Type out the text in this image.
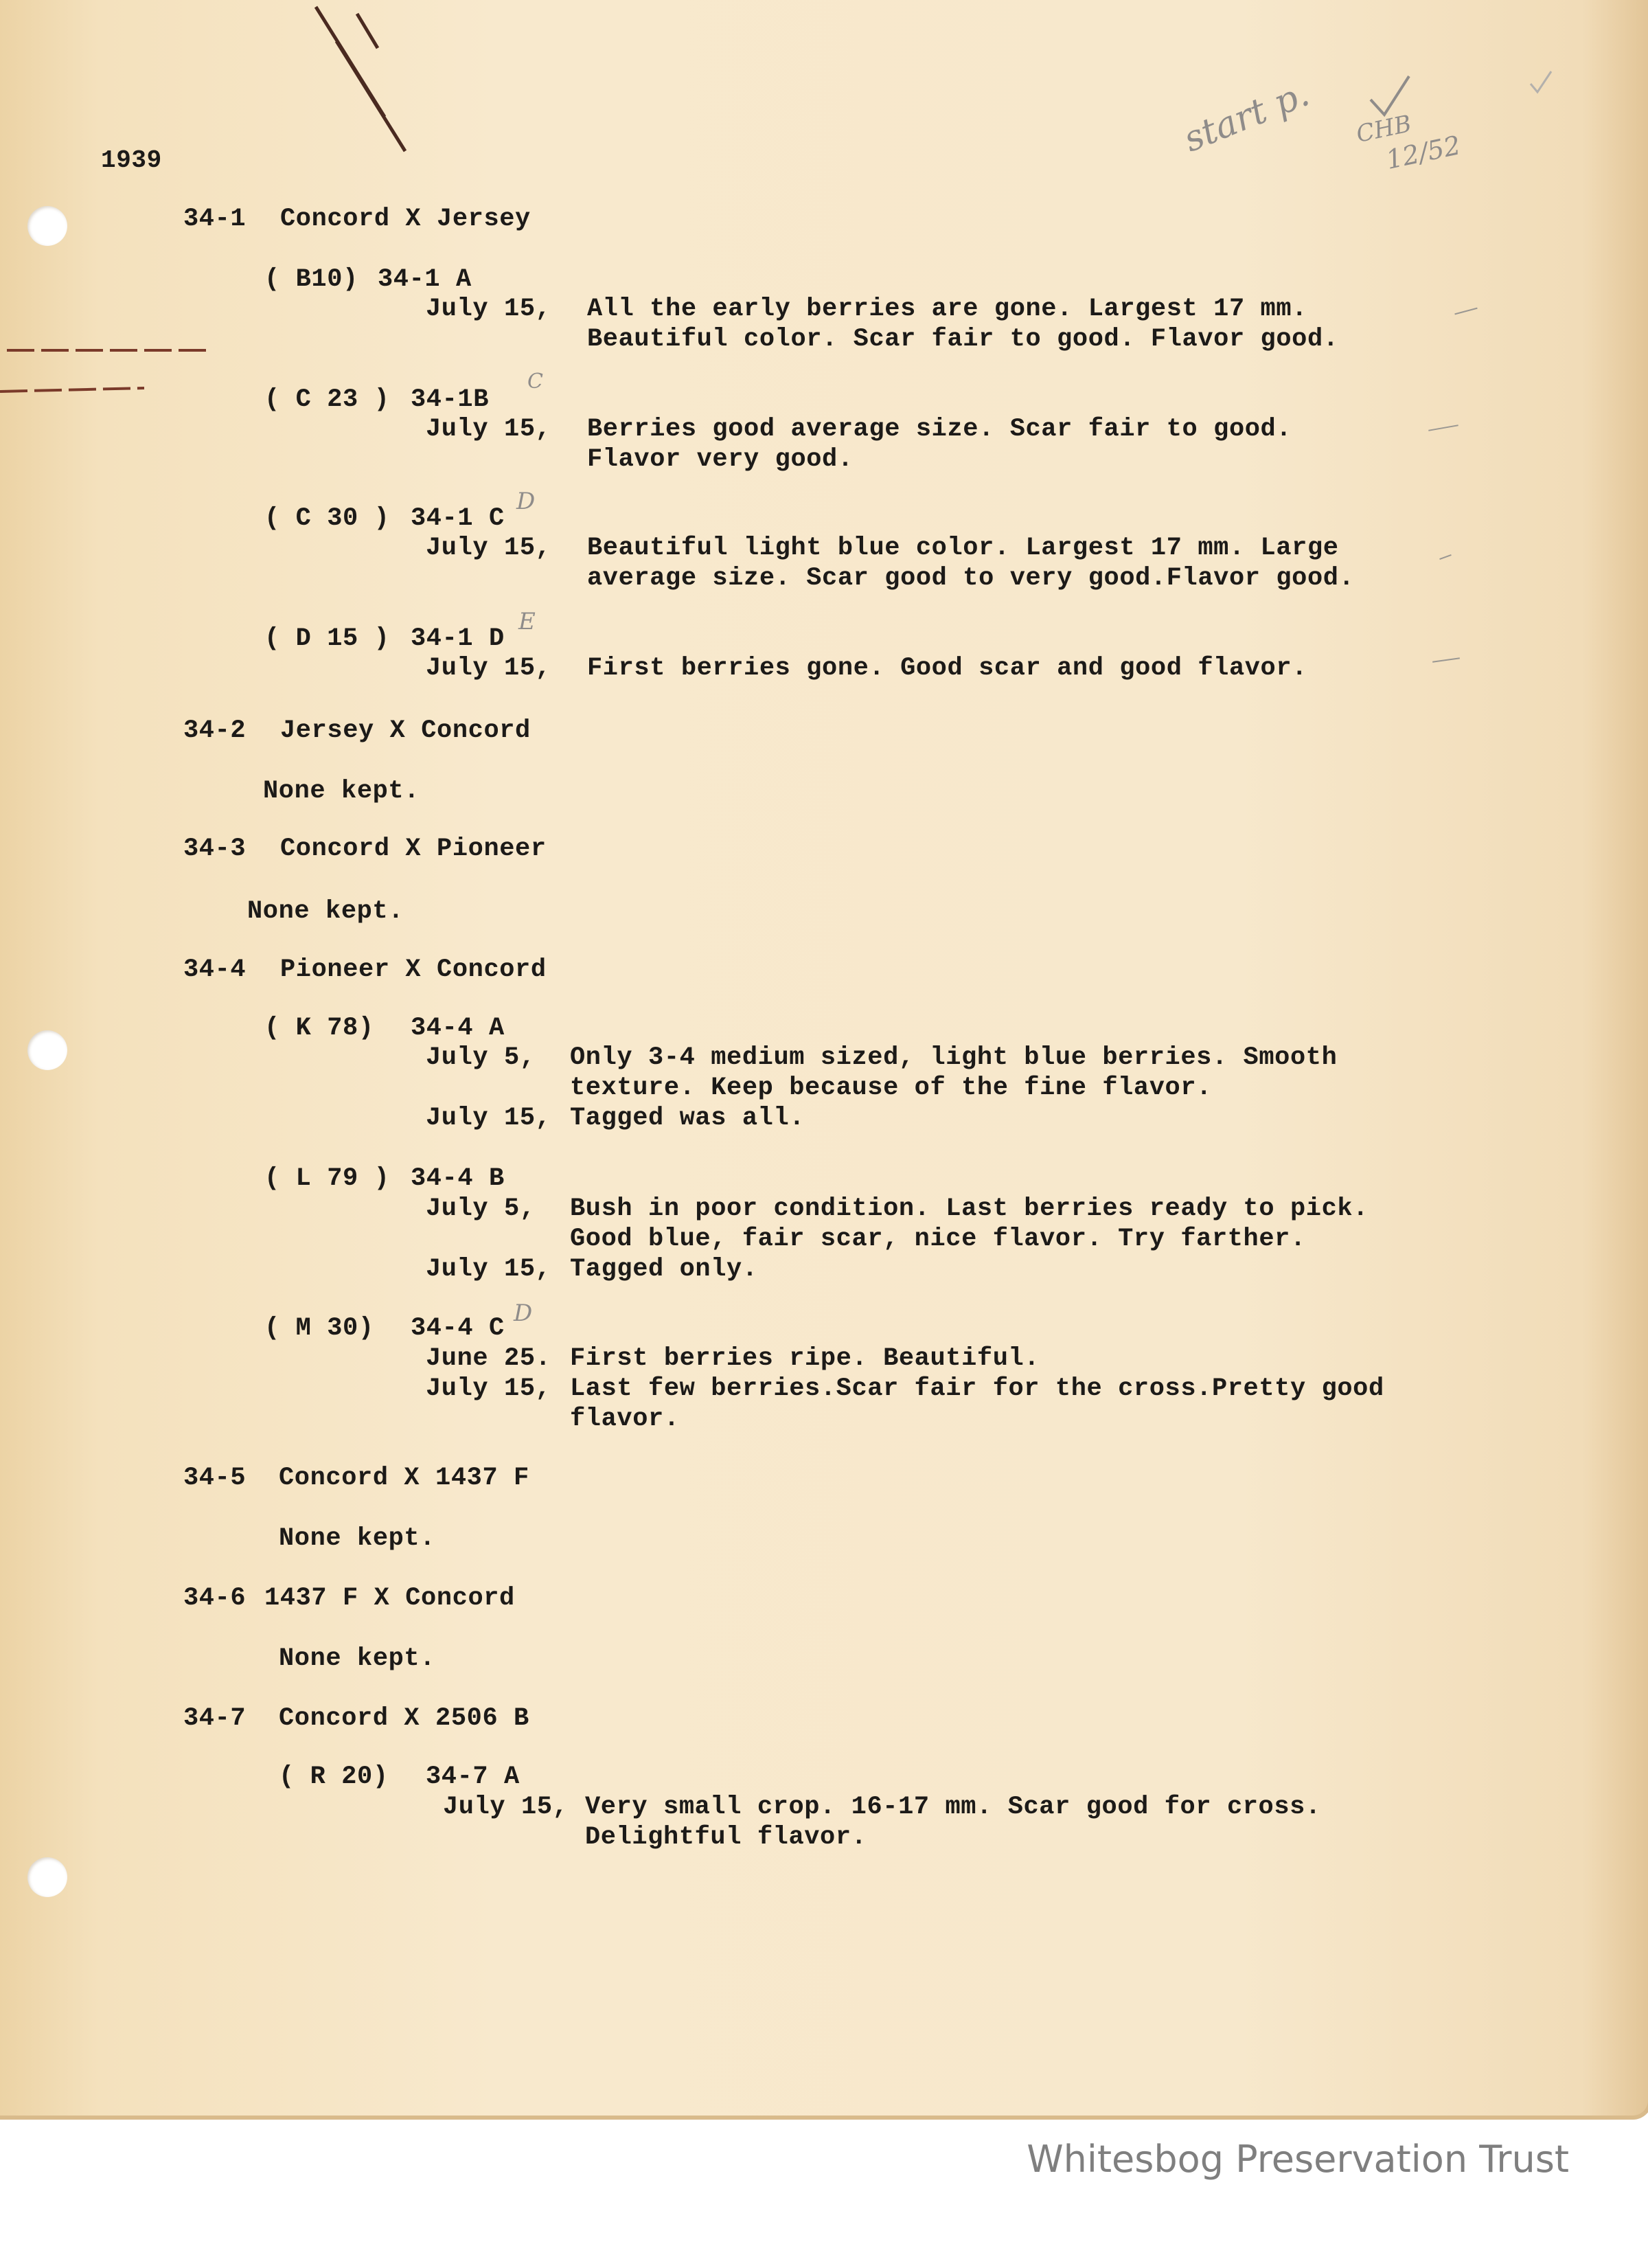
1939
34-1 Concord X Jersey
( B10) 34-1 A
July 15, All the early berries are gone. Largest 17 mm.
Beautiful color. Scar fair to good. Flavor good.
( C 23 ) 34-1B
C
July 15, Berries good average size. Scar fair to good.
Flavor very good.
( C 30 ) 34-1 C
D
July 15, Beautiful light blue color. Largest 17 mm. Large
average size. Scar good to very good.Flavor good.
( D 15 ) 34-1 D
E
July 15, First berries gone. Good scar and good flavor.
34-2 Jersey X Concord
None kept.
34-3 Concord X Pioneer
None kept.
34-4 Pioneer X Concord
( K 78) 34-4 A
July 5, Only 3-4 medium sized, light blue berries. Smooth
texture. Keep because of the fine flavor.
July 15, Tagged was all.
( L 79 ) 34-4 B
July 5, Bush in poor condition. Last berries ready to pick.
Good blue, fair scar, nice flavor. Try farther.
July 15, Tagged only.
( M 30) 34-4 C
D
June 25. First berries ripe. Beautiful.
July 15, Last few berries.Scar fair for the cross.Pretty good
flavor.
34-5 Concord X 1437 F
None kept.
34-6 1437 F X Concord
None kept.
34-7 Concord X 2506 B
( R 20) 34-7 A
July 15, Very small crop. 16-17 mm. Scar good for cross.
Delightful flavor.
start p. CHB
12/52
Whitesbog Preservation Trust
